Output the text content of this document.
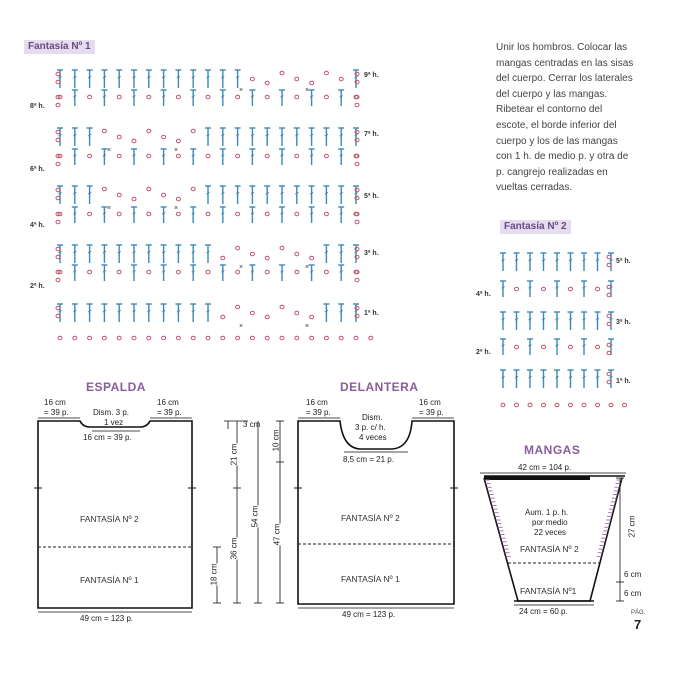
Fantasía Nº 1
×	×
×	×
×	×
×	×
×	×
9ª h.
8ª h.
7ª h.
6ª h.
5ª h.
4ª h.
3ª h.
2ª h.
1ª h.
Unir los hombros. Colocar las
mangas centradas en las sisas
del cuerpo. Cerrar los laterales
del cuerpo y las mangas.
Ribetear el contorno del
escote, el borde inferior del
cuerpo y los de las mangas
con 1 h. de medio p. y otra de
p. cangrejo realizadas en
vueltas cerradas.
Fantasía Nº 2
5ª h.
4ª h.
3ª h.
2ª h.
1ª h.
ESPALDA
16 cm
= 39 p.
16 cm
= 39 p.
Dism. 3 p.
1 vez
16 cm = 39 p.
FANTASÍA Nº 2
FANTASÍA Nº 1
49 cm = 123 p.
3 cm
10 cm
21 cm
54 cm
47 cm
36 cm
18 cm
DELANTERA
16 cm
= 39 p.
16 cm
= 39 p.
Dism.
3 p. c/ h.
4 veces
8,5 cm = 21 p.
FANTASÍA Nº 2
FANTASÍA Nº 1
49 cm = 123 p.
MANGAS
42 cm = 104 p.
Aum. 1 p. h.
por medio
22 veces
FANTASÍA Nº 2
FANTASÍA Nº1
24 cm = 60 p.
27 cm
6 cm
6 cm
PÁG.
7
